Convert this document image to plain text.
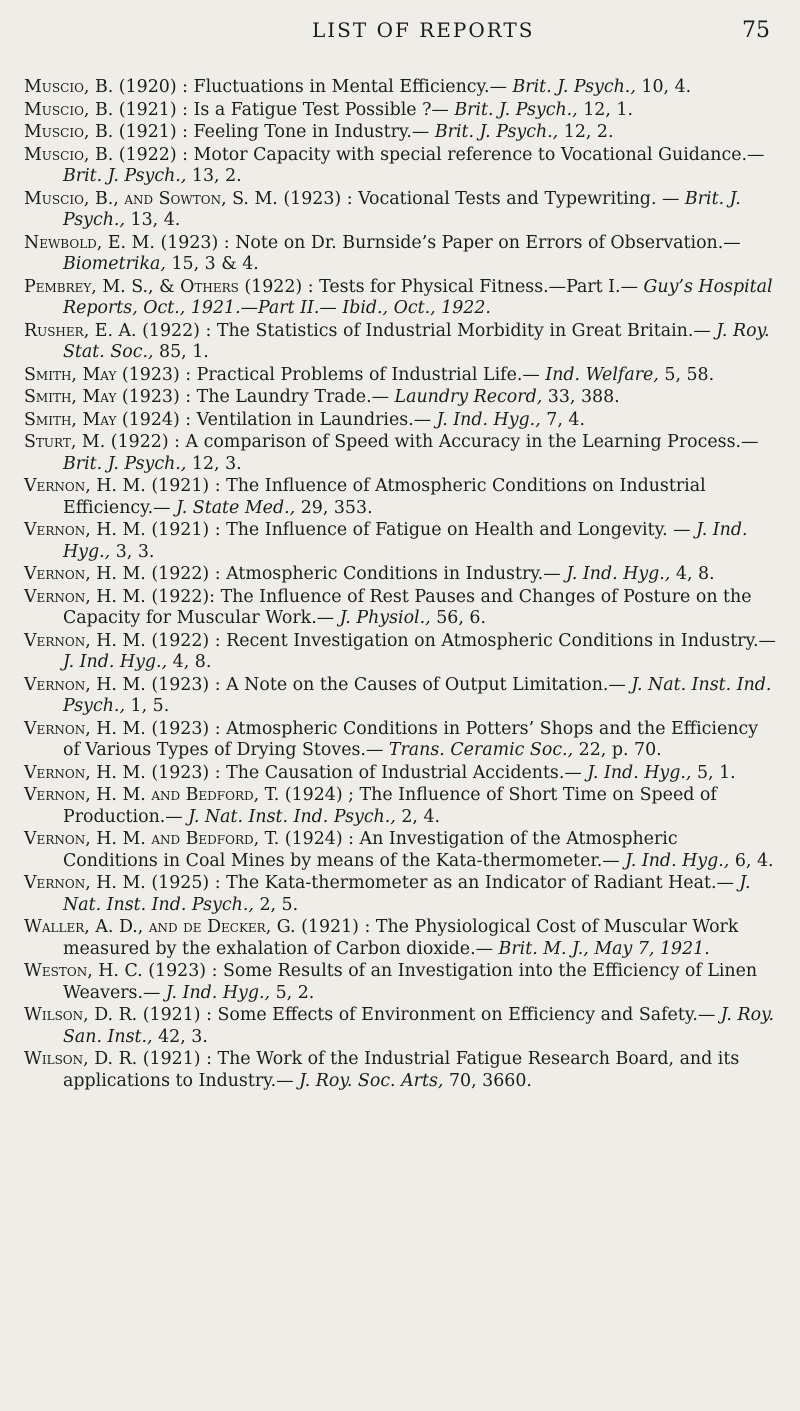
LIST OF REPORTS	75
Muscio, B. (1920) : Fluctuations in Mental Efficiency.— Brit. J. Psych., 10, 4.
Muscio, B. (1921) : Is a Fatigue Test Possible ?— Brit. J. Psych., 12, 1.
Muscio, B. (1921) : Feeling Tone in Industry.— Brit. J. Psych., 12, 2.
Muscio, B. (1922) : Motor Capacity with special reference to Vocational Guidance.— Brit. J. Psych., 13, 2.
Muscio, B., and Sowton, S. M. (1923) : Vocational Tests and Typewriting. — Brit. J. Psych., 13, 4.
Newbold, E. M. (1923) : Note on Dr. Burnside’s Paper on Errors of Observation.— Biometrika, 15, 3 & 4.
Pembrey, M. S., & Others (1922) : Tests for Physical Fitness.—Part I.— Guy’s Hospital Reports, Oct., 1921.—Part II.— Ibid., Oct., 1922.
Rusher, E. A. (1922) : The Statistics of Industrial Morbidity in Great Britain.— J. Roy. Stat. Soc., 85, 1.
Smith, May (1923) : Practical Problems of Industrial Life.— Ind. Welfare, 5, 58.
Smith, May (1923) : The Laundry Trade.— Laundry Record, 33, 388.
Smith, May (1924) : Ventilation in Laundries.— J. Ind. Hyg., 7, 4.
Sturt, M. (1922) : A comparison of Speed with Accuracy in the Learning Process.— Brit. J. Psych., 12, 3.
Vernon, H. M. (1921) : The Influence of Atmospheric Conditions on Industrial Efficiency.— J. State Med., 29, 353.
Vernon, H. M. (1921) : The Influence of Fatigue on Health and Longevity. — J. Ind. Hyg., 3, 3.
Vernon, H. M. (1922) : Atmospheric Conditions in Industry.— J. Ind. Hyg., 4, 8.
Vernon, H. M. (1922): The Influence of Rest Pauses and Changes of Posture on the Capacity for Muscular Work.— J. Physiol., 56, 6.
Vernon, H. M. (1922) : Recent Investigation on Atmospheric Conditions in Industry.— J. Ind. Hyg., 4, 8.
Vernon, H. M. (1923) : A Note on the Causes of Output Limitation.— J. Nat. Inst. Ind. Psych., 1, 5.
Vernon, H. M. (1923) : Atmospheric Conditions in Potters’ Shops and the Efficiency of Various Types of Drying Stoves.— Trans. Ceramic Soc., 22, p. 70.
Vernon, H. M. (1923) : The Causation of Industrial Accidents.— J. Ind. Hyg., 5, 1.
Vernon, H. M. and Bedford, T. (1924) ; The Influence of Short Time on Speed of Production.— J. Nat. Inst. Ind. Psych., 2, 4.
Vernon, H. M. and Bedford, T. (1924) : An Investigation of the Atmospheric Conditions in Coal Mines by means of the Kata-thermometer.— J. Ind. Hyg., 6, 4.
Vernon, H. M. (1925) : The Kata-thermometer as an Indicator of Radiant Heat.— J. Nat. Inst. Ind. Psych., 2, 5.
Waller, A. D., and de Decker, G. (1921) : The Physiological Cost of Muscular Work measured by the exhalation of Carbon dioxide.— Brit. M. J., May 7, 1921.
Weston, H. C. (1923) : Some Results of an Investigation into the Efficiency of Linen Weavers.— J. Ind. Hyg., 5, 2.
Wilson, D. R. (1921) : Some Effects of Environment on Efficiency and Safety.— J. Roy. San. Inst., 42, 3.
Wilson, D. R. (1921) : The Work of the Industrial Fatigue Research Board, and its applications to Industry.— J. Roy. Soc. Arts, 70, 3660.
